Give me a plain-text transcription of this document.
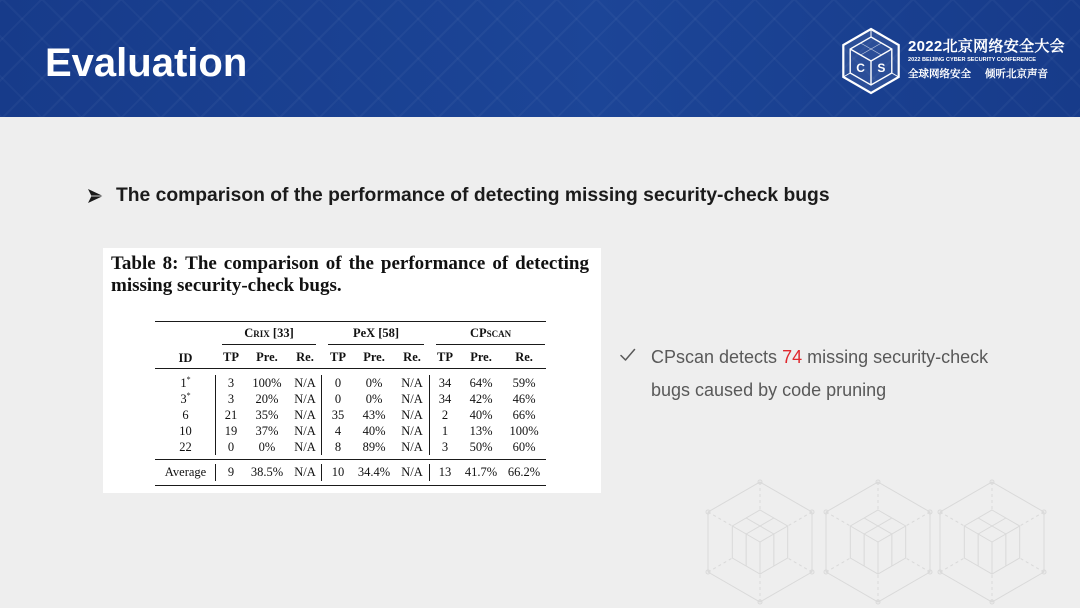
Evaluation	C S
2022北京网络安全大会
2022 BEIJING CYBER SECURITY CONFERENCE
全球网络安全 倾听北京声音
The comparison of the performance of detecting missing security-check bugs
Table 8: The comparison of the performance of detecting missing security-check bugs.
ID	Crix [33]			PeX [58]			CPscan		

	TP	Pre.	Re.	TP	Pre.	Re.	TP	Pre.	Re.

1*	3	100%	N/A	0	0%	N/A	34	64%	59%
3*	3	20%	N/A	0	0%	N/A	34	42%	46%
6	21	35%	N/A	35	43%	N/A	2	40%	66%
10	19	37%	N/A	4	40%	N/A	1	13%	100%
22	0	0%	N/A	8	89%	N/A	3	50%	60%

Average	9	38.5%	N/A	10	34.4%	N/A	13	41.7%	66.2%
CPscan detects 74 missing security-check bugs caused by code pruning
